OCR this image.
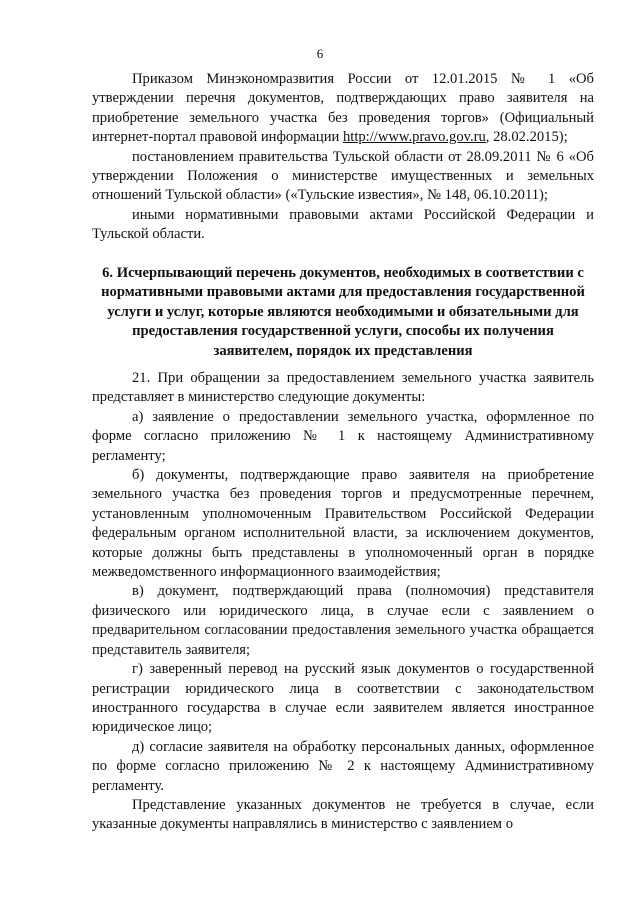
6

Приказом Минэкономразвития России от 12.01.2015 № 1 «Об утверждении перечня документов, подтверждающих право заявителя на приобретение земельного участка без проведения торгов» (Официальный интернет-портал правовой информации http://www.pravo.gov.ru, 28.02.2015);

постановлением правительства Тульской области от 28.09.2011 № 6 «Об утверждении Положения о министерстве имущественных и земельных отношений Тульской области» («Тульские известия», № 148, 06.10.2011);

иными нормативными правовыми актами Российской Федерации и Тульской области.

6. Исчерпывающий перечень документов, необходимых в соответствии с нормативными правовыми актами для предоставления государственной услуги и услуг, которые являются необходимыми и обязательными для предоставления государственной услуги, способы их получения заявителем, порядок их представления

21. При обращении за предоставлением земельного участка заявитель представляет в министерство следующие документы:

а) заявление о предоставлении земельного участка, оформленное по форме согласно приложению № 1 к настоящему Административному регламенту;

б) документы, подтверждающие право заявителя на приобретение земельного участка без проведения торгов и предусмотренные перечнем, установленным уполномоченным Правительством Российской Федерации федеральным органом исполнительной власти, за исключением документов, которые должны быть представлены в уполномоченный орган в порядке межведомственного информационного взаимодействия;

в) документ, подтверждающий права (полномочия) представителя физического или юридического лица, в случае если с заявлением о предварительном согласовании предоставления земельного участка обращается представитель заявителя;

г) заверенный перевод на русский язык документов о государственной регистрации юридического лица в соответствии с законодательством иностранного государства в случае если заявителем является иностранное юридическое лицо;

д) согласие заявителя на обработку персональных данных, оформленное по форме согласно приложению № 2 к настоящему Административному регламенту.

Представление указанных документов не требуется в случае, если указанные документы направлялись в министерство с заявлением о
